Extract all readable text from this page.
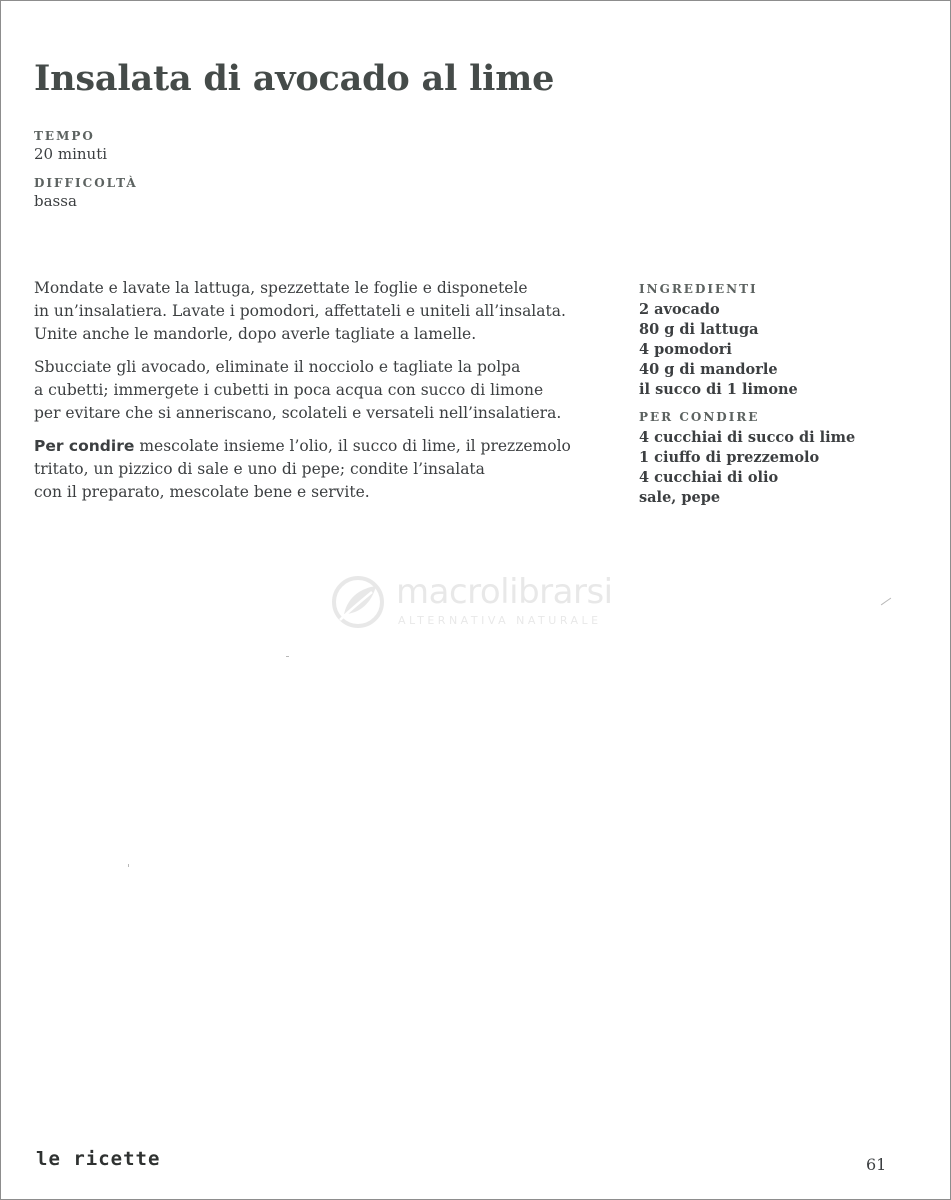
Insalata di avocado al lime
TEMPO
20 minuti
DIFFICOLTÀ
bassa

Mondate e lavate la lattuga, spezzettate le foglie e disponetele
in un’insalatiera. Lavate i pomodori, affettateli e uniteli all’insalata.
Unite anche le mandorle, dopo averle tagliate a lamelle.

Sbucciate gli avocado, eliminate il nocciolo e tagliate la polpa
a cubetti; immergete i cubetti in poca acqua con succo di limone
per evitare che si anneriscano, scolateli e versateli nell’insalatiera.

Per condire mescolate insieme l’olio, il succo di lime, il prezzemolo
tritato, un pizzico di sale e uno di pepe; condite l’insalata
con il preparato, mescolate bene e servite.

INGREDIENTI
2 avocado
80 g di lattuga
4 pomodori
40 g di mandorle
il succo di 1 limone
PER CONDIRE
4 cucchiai di succo di lime
1 ciuffo di prezzemolo
4 cucchiai di olio
sale, pepe
macrolibrarsi
ALTERNATIVA NATURALE
le ricette	61
